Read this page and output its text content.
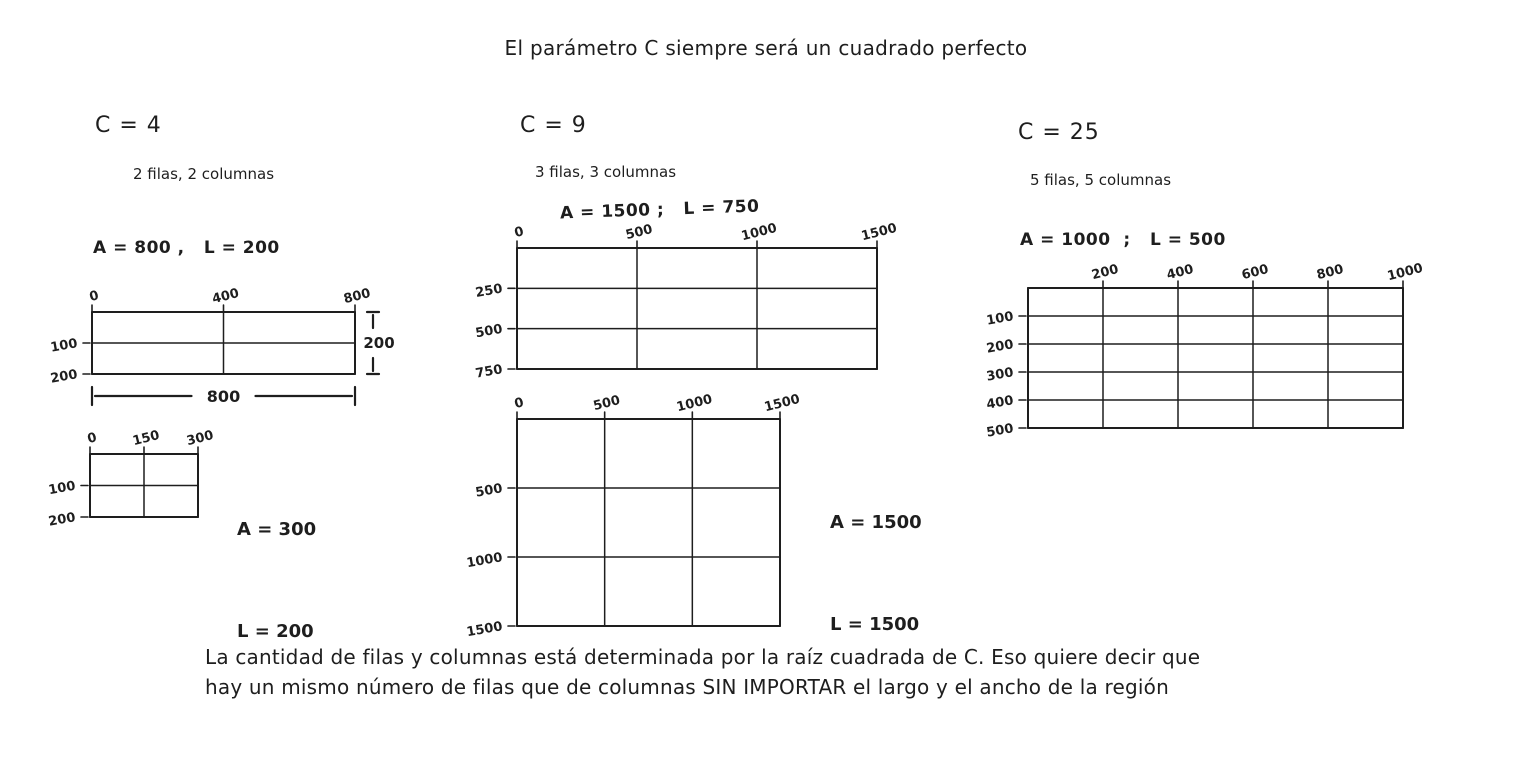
El parámetro C siempre será un cuadrado perfecto
C = 4
2 filas, 2 columnas
A = 800 ,   L = 200
0	400	800
100
200
800
200
0	150 300
100
200

	A = 300

L = 200

C = 9
3 filas, 3 columnas
A = 1500 ;   L = 750
0	500	1000	1500
250
500
750
0	500	1000	1500
500
1000
1500

A = 1500

L = 1500

C = 25
5 filas, 5 columnas
A = 1000  ;   L = 500
200	400	600	800	1000
100
200
300
400
500
La cantidad de filas y columnas está determinada por la raíz cuadrada de C. Eso quiere decir que
hay un mismo número de filas que de columnas SIN IMPORTAR el largo y el ancho de la región
